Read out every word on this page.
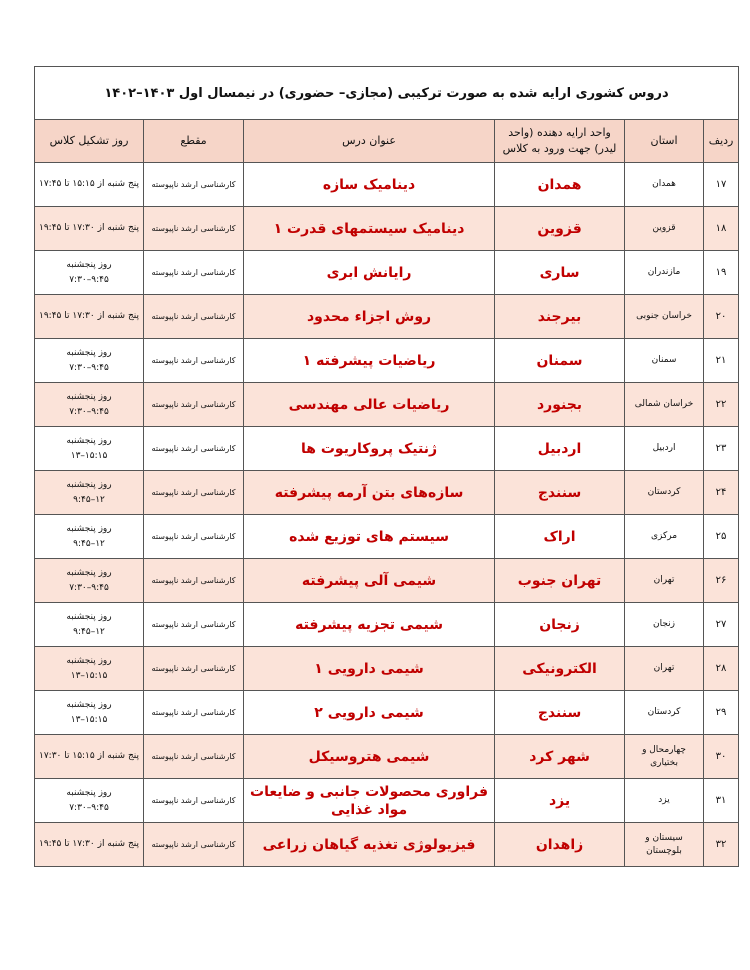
دروس کشوری ارایه شده به صورت ترکیبی (مجازی– حضوری) در نیمسال اول ۱۴۰۳–۱۴۰۲					
ردیف	استان	واحد ارایه دهنده (واحد لیدر) جهت ورود به کلاس	عنوان درس	مقطع	روز تشکیل کلاس
۱۷	همدان	همدان	دینامیک سازه	کارشناسی ارشد ناپیوسته	پنج شنبه از ۱۵:۱۵ تا ۱۷:۴۵

۱۸	قزوین	قزوین	دینامیک سیستمهای قدرت ۱	کارشناسی ارشد ناپیوسته	پنج شنبه از ۱۷:۳۰ تا ۱۹:۴۵

۱۹	مازندران	ساری	رایانش ابری	کارشناسی ارشد ناپیوسته	روز پنجشنبه
۹:۴۵–۷:۳۰

۲۰	خراسان جنوبی	بیرجند	روش اجزاء محدود	کارشناسی ارشد ناپیوسته	پنج شنبه از ۱۷:۳۰ تا ۱۹:۴۵

۲۱	سمنان	سمنان	ریاضیات پیشرفته ۱	کارشناسی ارشد ناپیوسته	روز پنجشنبه
۹:۴۵–۷:۳۰

۲۲	خراسان شمالی	بجنورد	ریاضیات عالی مهندسی	کارشناسی ارشد ناپیوسته	روز پنجشنبه
۹:۴۵–۷:۳۰

۲۳	اردبیل	اردبیل	ژنتیک پروکاریوت ها	کارشناسی ارشد ناپیوسته	روز پنجشنبه
۱۵:۱۵–۱۳

۲۴	کردستان	سنندج	سازه‌های بتن آرمه پیشرفته	کارشناسی ارشد ناپیوسته	روز پنجشنبه
۱۲–۹:۴۵

۲۵	مرکزی	اراک	سیستم های توزیع شده	کارشناسی ارشد ناپیوسته	روز پنجشنبه
۱۲–۹:۴۵

۲۶	تهران	تهران جنوب	شیمی آلی پیشرفته	کارشناسی ارشد ناپیوسته	روز پنجشنبه
۹:۴۵–۷:۳۰

۲۷	زنجان	زنجان	شیمی تجزیه پیشرفته	کارشناسی ارشد ناپیوسته	روز پنجشنبه
۱۲–۹:۴۵

۲۸	تهران	الکترونیکی	شیمی دارویی ۱	کارشناسی ارشد ناپیوسته	روز پنجشنبه
۱۵:۱۵–۱۳

۲۹	کردستان	سنندج	شیمی دارویی ۲	کارشناسی ارشد ناپیوسته	روز پنجشنبه
۱۵:۱۵–۱۳

۳۰	چهارمحال و بختیاری	شهر کرد	شیمی هتروسیکل	کارشناسی ارشد ناپیوسته	پنج شنبه از ۱۵:۱۵ تا ۱۷:۳۰

۳۱	یزد	یزد	فراوری محصولات جانبی و ضایعات مواد غذایی	کارشناسی ارشد ناپیوسته	روز پنجشنبه
۹:۴۵–۷:۳۰

۳۲	سیستان و بلوچستان	زاهدان	فیزیولوژی تغذیه گیاهان زراعی	کارشناسی ارشد ناپیوسته	پنج شنبه از ۱۷:۳۰ تا ۱۹:۴۵
